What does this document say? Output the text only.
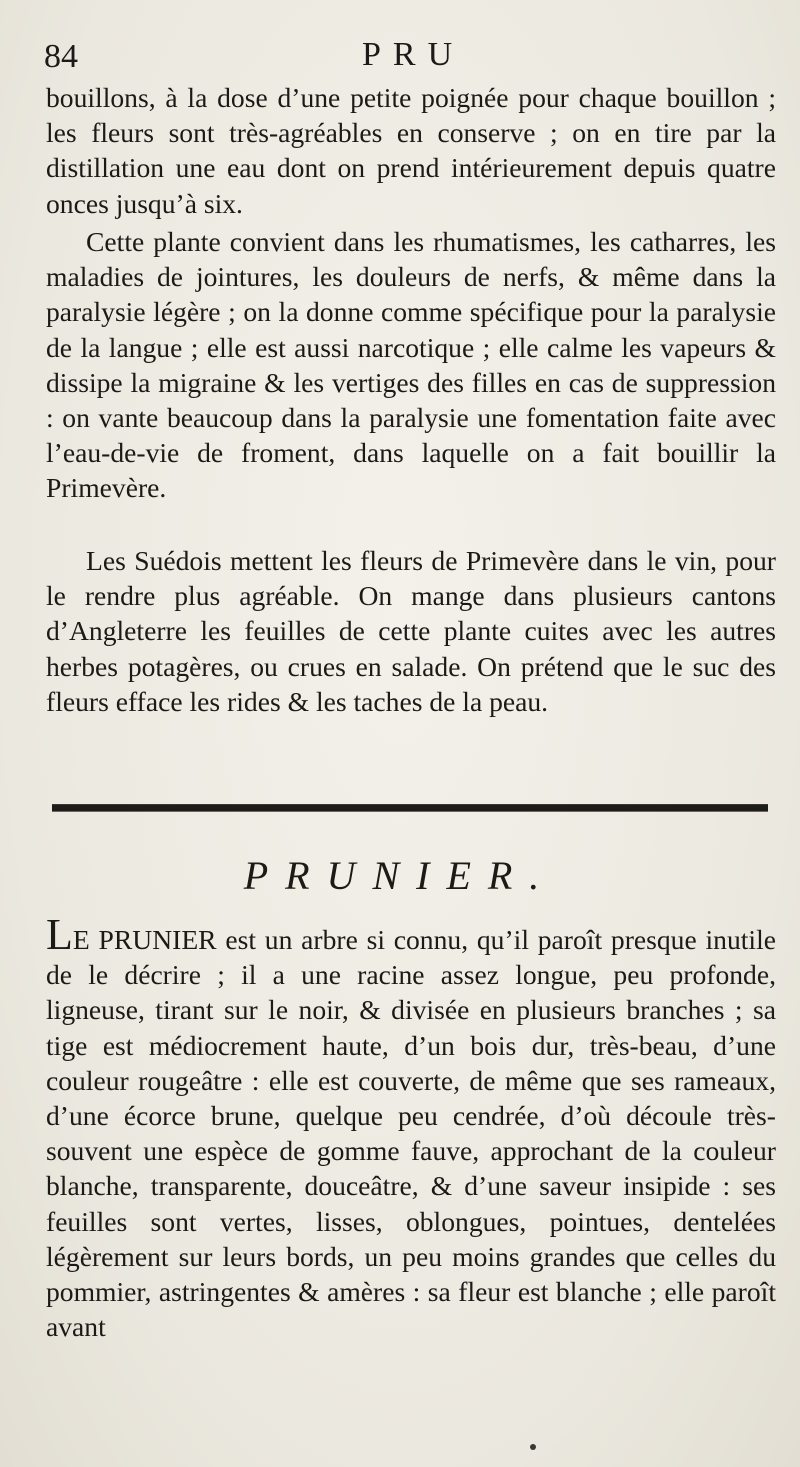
84	PRU

bouillons, à la dose d’une petite poignée pour chaque bouillon ; les fleurs sont très-agréables en conserve ; on en tire par la distillation une eau dont on prend intérieurement depuis quatre onces jusqu’à six.

Cette plante convient dans les rhumatismes, les catharres, les maladies de jointures, les douleurs de nerfs, & même dans la paralysie légère ; on la donne comme spécifique pour la paralysie de la langue ; elle est aussi narcotique ; elle calme les vapeurs & dissipe la migraine & les vertiges des filles en cas de suppression : on vante beaucoup dans la paralysie une fomentation faite avec l’eau-de-vie de froment, dans laquelle on a fait bouillir la Primevère.

Les Suédois mettent les fleurs de Primevère dans le vin, pour le rendre plus agréable. On mange dans plusieurs cantons d’Angleterre les feuilles de cette plante cuites avec les autres herbes potagères, ou crues en salade. On prétend que le suc des fleurs efface les rides & les taches de la peau.

PRUNIER.

LE PRUNIER est un arbre si connu, qu’il paroît presque inutile de le décrire ; il a une racine assez longue, peu profonde, ligneuse, tirant sur le noir, & divisée en plusieurs branches ; sa tige est médiocrement haute, d’un bois dur, très-beau, d’une couleur rougeâtre : elle est couverte, de même que ses rameaux, d’une écorce brune, quelque peu cendrée, d’où découle très-souvent une espèce de gomme fauve, approchant de la couleur blanche, transparente, douceâtre, & d’une saveur insipide : ses feuilles sont vertes, lisses, oblongues, pointues, dentelées légèrement sur leurs bords, un peu moins grandes que celles du pommier, astringentes & amères : sa fleur est blanche ; elle paroît avant
